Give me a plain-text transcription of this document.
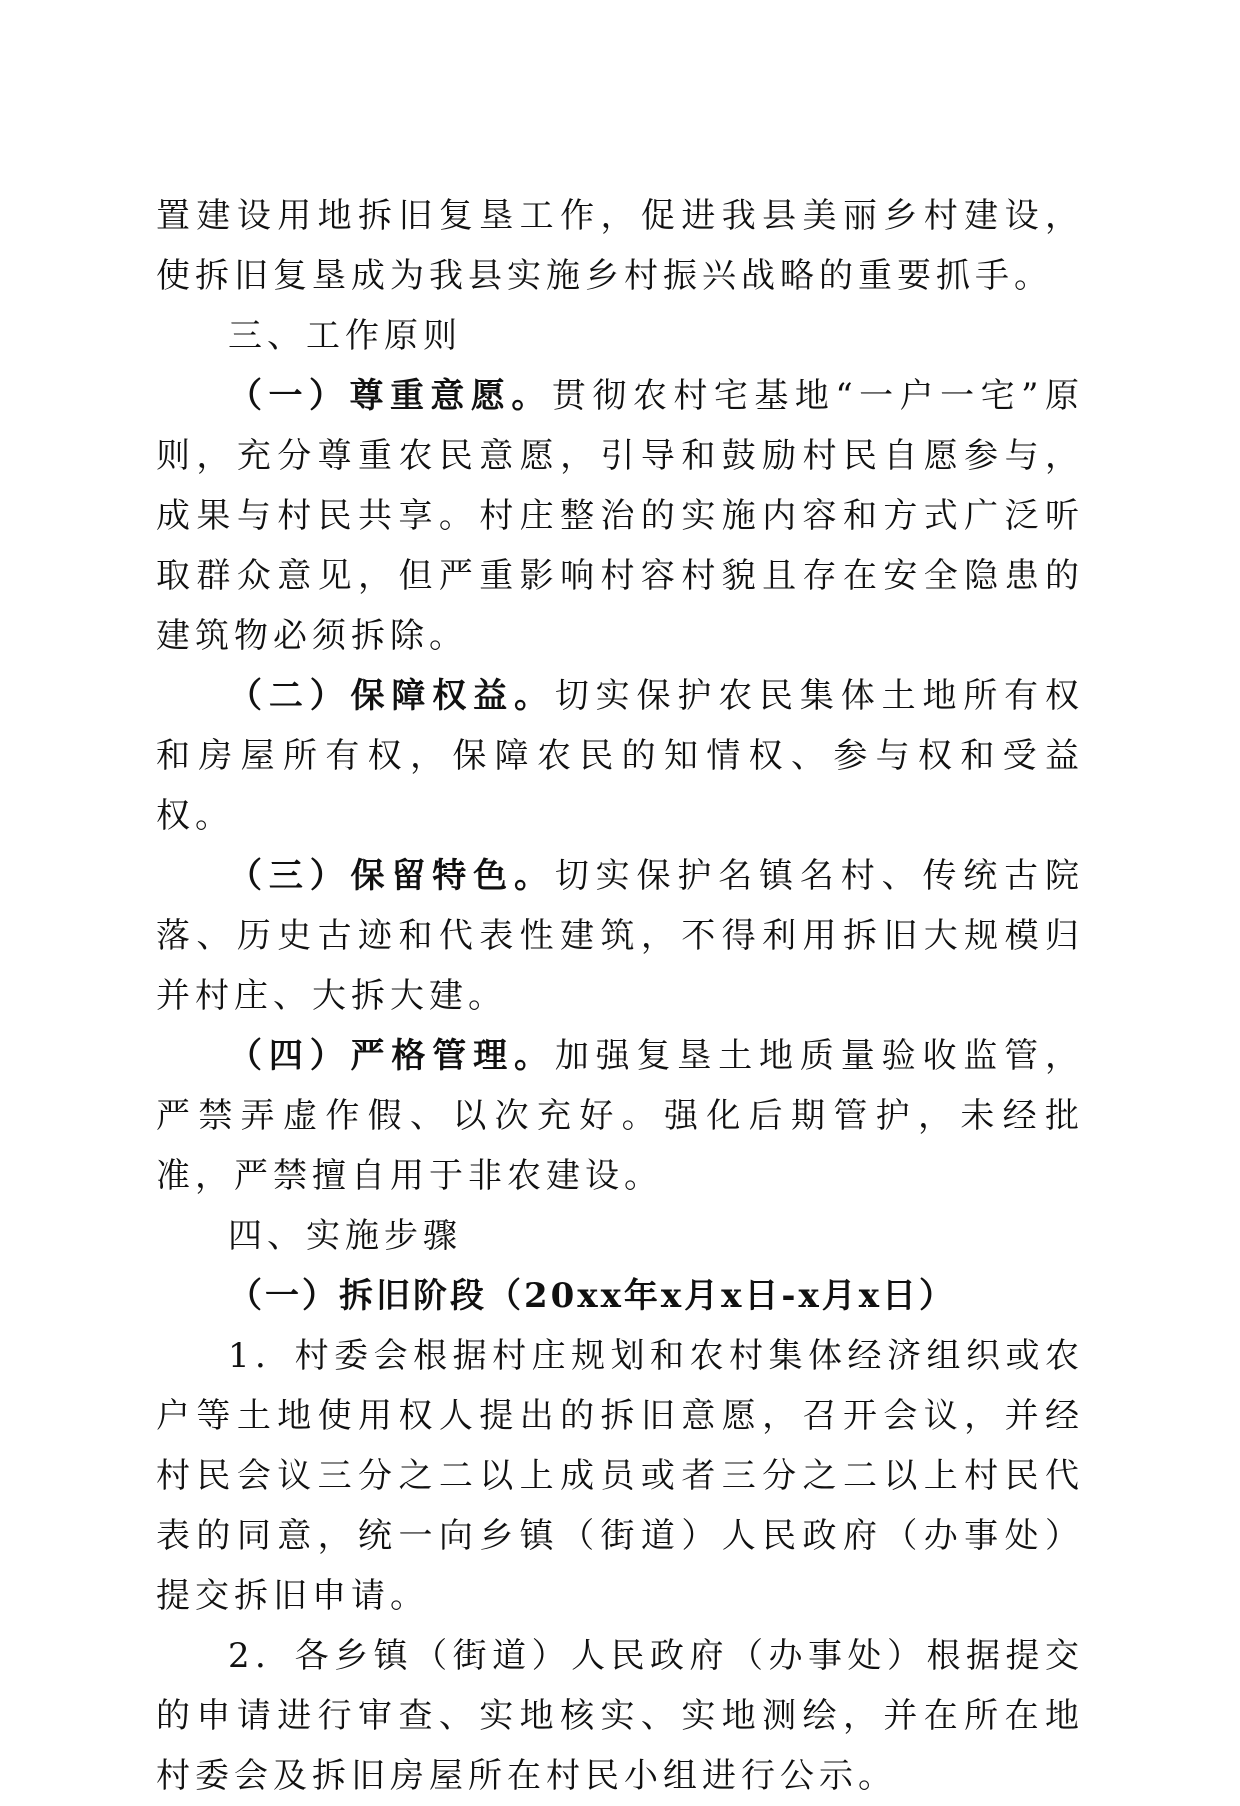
置建设用地拆旧复垦工作，促进我县美丽乡村建设，使拆旧复垦成为我县实施乡村振兴战略的重要抓手。

三、工作原则

（一）尊重意愿。贯彻农村宅基地“一户一宅”原则，充分尊重农民意愿，引导和鼓励村民自愿参与，成果与村民共享。村庄整治的实施内容和方式广泛听取群众意见，但严重影响村容村貌且存在安全隐患的建筑物必须拆除。

（二）保障权益。切实保护农民集体土地所有权和房屋所有权，保障农民的知情权、参与权和受益权。

（三）保留特色。切实保护名镇名村、传统古院落、历史古迹和代表性建筑，不得利用拆旧大规模归并村庄、大拆大建。

（四）严格管理。加强复垦土地质量验收监管，严禁弄虚作假、以次充好。强化后期管护，未经批准，严禁擅自用于非农建设。

四、实施步骤

（一）拆旧阶段（20xx年x月x日-x月x日）

1．村委会根据村庄规划和农村集体经济组织或农户等土地使用权人提出的拆旧意愿，召开会议，并经村民会议三分之二以上成员或者三分之二以上村民代表的同意，统一向乡镇（街道）人民政府（办事处）提交拆旧申请。

2．各乡镇（街道）人民政府（办事处）根据提交的申请进行审查、实地核实、实地测绘，并在所在地村委会及拆旧房屋所在村民小组进行公示。
